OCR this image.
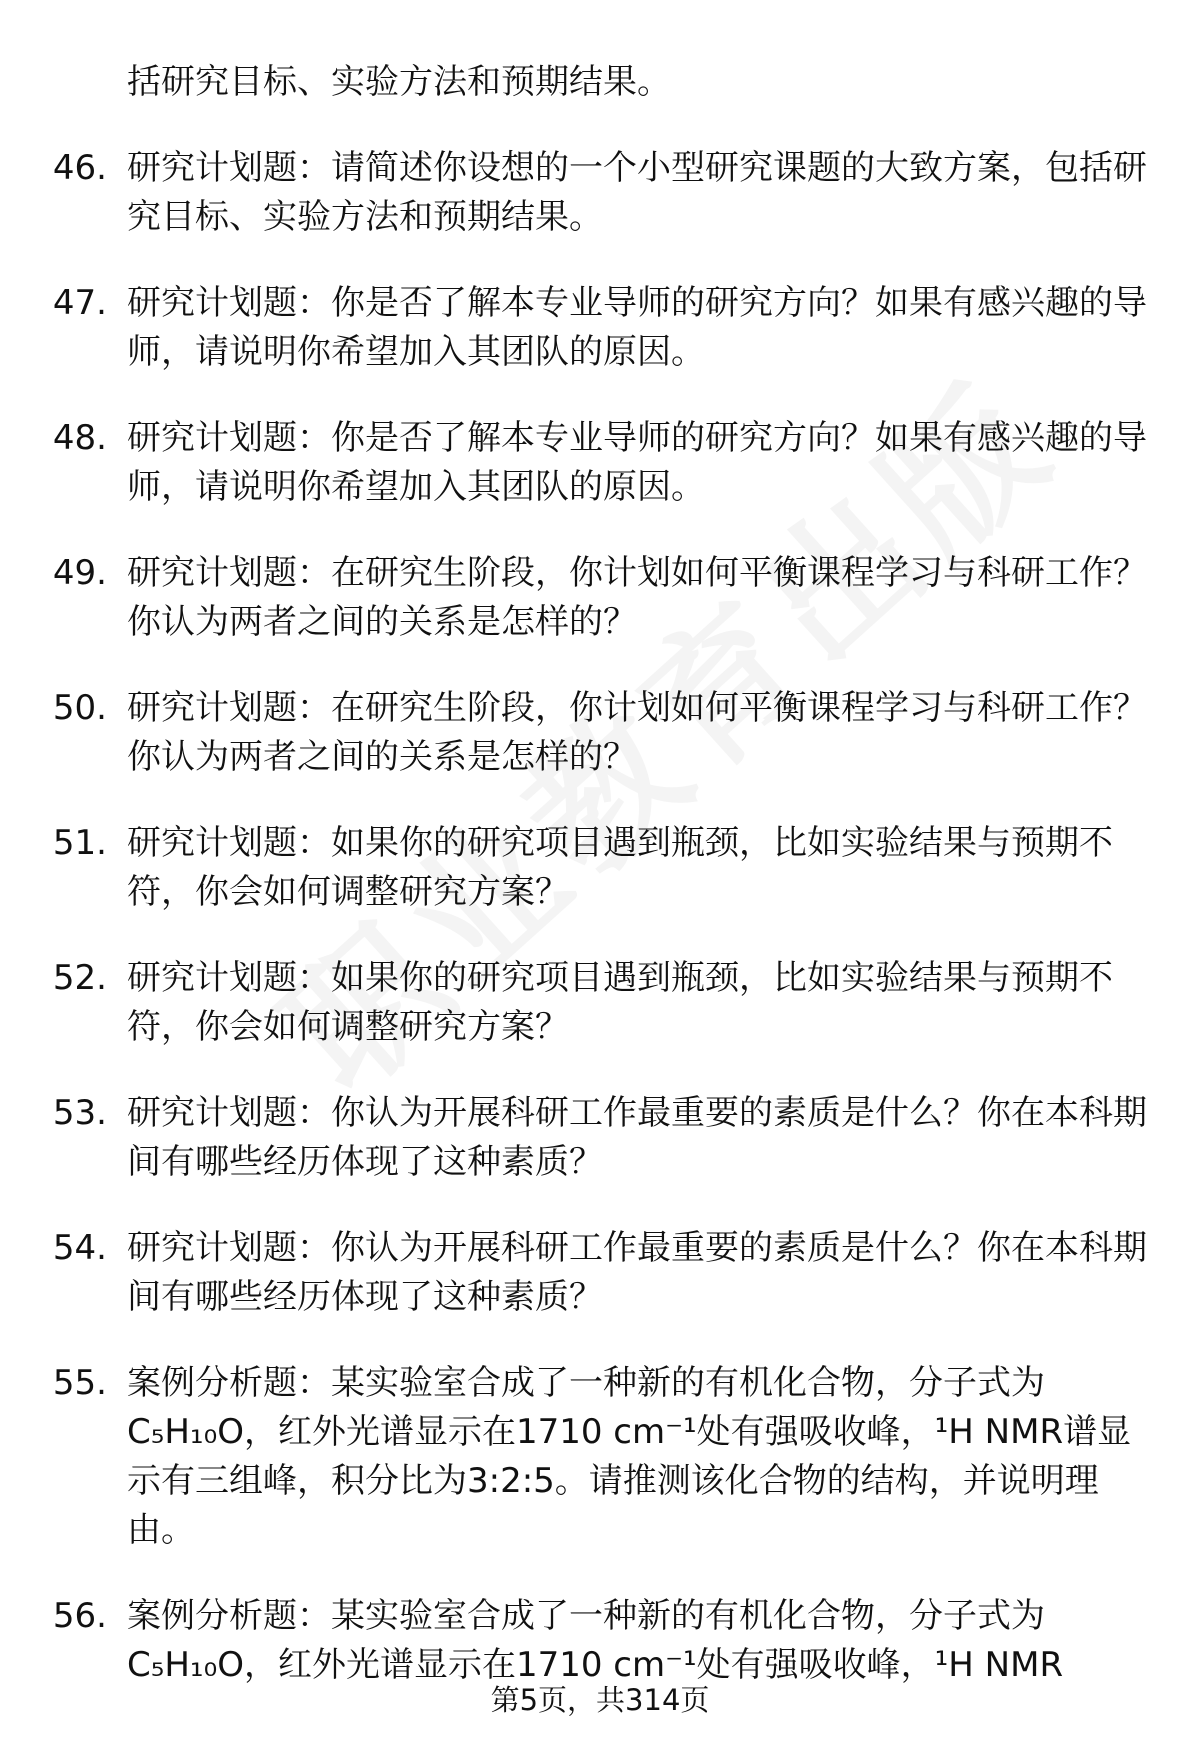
括研究目标、实验方法和预期结果。
46. 研究计划题：请简述你设想的一个小型研究课题的大致方案，包括研究目标、实验方法和预期结果。
47. 研究计划题：你是否了解本专业导师的研究方向？如果有感兴趣的导师，请说明你希望加入其团队的原因。
48. 研究计划题：你是否了解本专业导师的研究方向？如果有感兴趣的导师，请说明你希望加入其团队的原因。
49. 研究计划题：在研究生阶段，你计划如何平衡课程学习与科研工作？你认为两者之间的关系是怎样的？
50. 研究计划题：在研究生阶段，你计划如何平衡课程学习与科研工作？你认为两者之间的关系是怎样的？
51. 研究计划题：如果你的研究项目遇到瓶颈，比如实验结果与预期不符，你会如何调整研究方案？
52. 研究计划题：如果你的研究项目遇到瓶颈，比如实验结果与预期不符，你会如何调整研究方案？
53. 研究计划题：你认为开展科研工作最重要的素质是什么？你在本科期间有哪些经历体现了这种素质？
54. 研究计划题：你认为开展科研工作最重要的素质是什么？你在本科期间有哪些经历体现了这种素质？
55. 案例分析题：某实验室合成了一种新的有机化合物，分子式为C₅H₁₀O，红外光谱显示在1710 cm⁻¹处有强吸收峰，¹H NMR谱显示有三组峰，积分比为3:2:5。请推测该化合物的结构，并说明理由。
56. 案例分析题：某实验室合成了一种新的有机化合物，分子式为C₅H₁₀O，红外光谱显示在1710 cm⁻¹处有强吸收峰，¹H NMR
第5页，共314页
